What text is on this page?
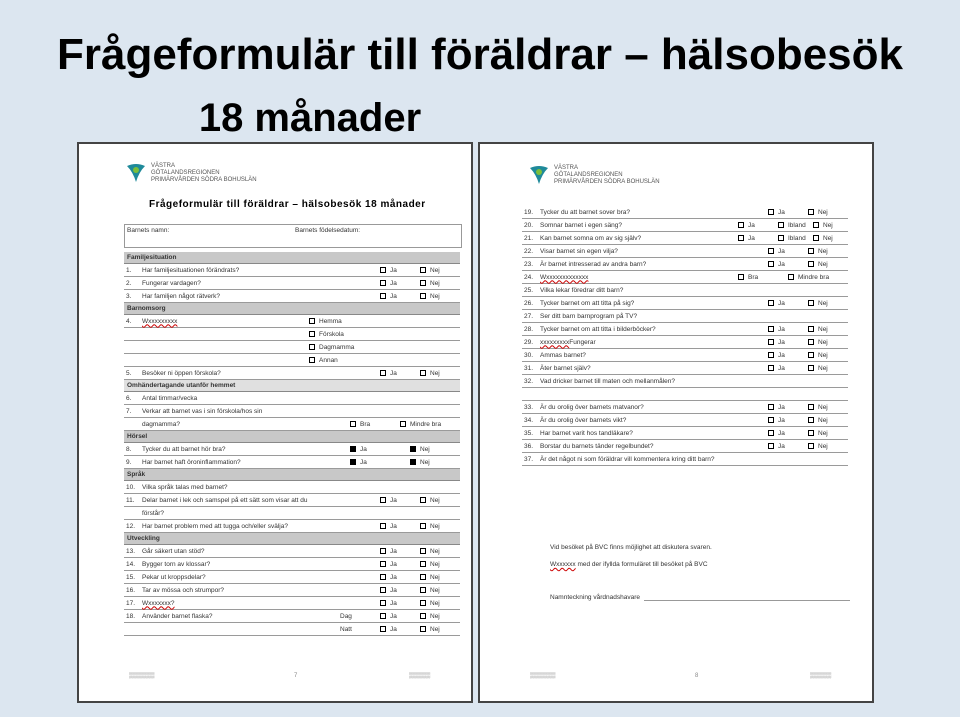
Frågeformulär till föräldrar – hälsobesök
18 månader
VÄSTRA
GÖTALANDSREGIONEN
PRIMÄRVÅRDEN SÖDRA BOHUSLÄN
Frågeformulär till föräldrar – hälsobesök 18 månader
Barnets namn:	Barnets födelsedatum:
Familjesituation
1.	Har familjesituationen förändrats?	Ja	Nej
2.	Fungerar vardagen?	Ja	Nej
3.	Har familjen något rätverk?	Ja	Nej
Barnomsorg
4.	Wxxxxxxxxx	Hemma
Förskola
Dagmamma
Annan
5.	Besöker ni öppen förskola?	Ja	Nej
Omhändertagande utanför hemmet
6.	Antal timmar/vecka
7.	Verkar att barnet vas i sin förskola/hos sin
dagmamma?	Bra	Mindre bra
Hörsel
8.	Tycker du att barnet hör bra?	Ja	Nej
9.	Har barnet haft öroninflammation?	Ja	Nej
Språk
10.	Vilka språk talas med barnet?
11.	Delar barnet i lek och samspel på ett sätt som visar att du	Ja	Nej
förstår?
12.	Har barnet problem med att tugga och/eller svälja?	Ja	Nej
Utveckling
13.	Går säkert utan stöd?	Ja	Nej
14.	Bygger torn av klossar?	Ja	Nej
15.	Pekar ut kroppsdelar?	Ja	Nej
16.	Tar av mössa och strumpor?	Ja	Nej
17.	Wxxxxxxx?	Ja	Nej
18.	Använder barnet flaska?	Dag	Ja	Nej
Natt	Ja	Nej
▒▒▒▒▒▒	7	▒▒▒▒▒
VÄSTRA
GÖTALANDSREGIONEN
PRIMÄRVÅRDEN SÖDRA BOHUSLÄN
19.	Tycker du att barnet sover bra?	Ja	Nej
20.	Somnar barnet i egen säng?	Ja	Ibland	Nej
21.	Kan barnet somna om av sig själv?	Ja	Ibland	Nej
22.	Visar barnet sin egen vilja?	Ja	Nej
23.	Är barnet intresserad av andra barn?	Ja	Nej
24.	Wxxxxxxxxxxxxx	Bra	Mindre bra
25.	Vilka lekar föredrar ditt barn?
26.	Tycker barnet om att titta på sig?	Ja	Nej
27.	Ser ditt barn barnprogram på TV?
28.	Tycker barnet om att titta i bilderböcker?	Ja	Nej
29.	xxxxxxxxx Fungerar	Ja	Nej
30.	Ammas barnet?	Ja	Nej
31.	Äter barnet själv?	Ja	Nej
32.	Vad dricker barnet till maten och mellanmålen?
33.	Är du orolig över barnets matvanor?	Ja	Nej
34.	Är du orolig över barnets vikt?	Ja	Nej
35.	Har barnet varit hos tandläkare?	Ja	Nej
36.	Borstar du barnets tänder regelbundet?	Ja	Nej
37.	Är det något ni som föräldrar vill kommentera kring ditt barn?
Vid besöket på BVC finns möjlighet att diskutera svaren.
Wxxxxxx med der ifyllda formuläret till besöket på BVC
Namnteckning vårdnadshavare
▒▒▒▒▒▒	8	▒▒▒▒▒
